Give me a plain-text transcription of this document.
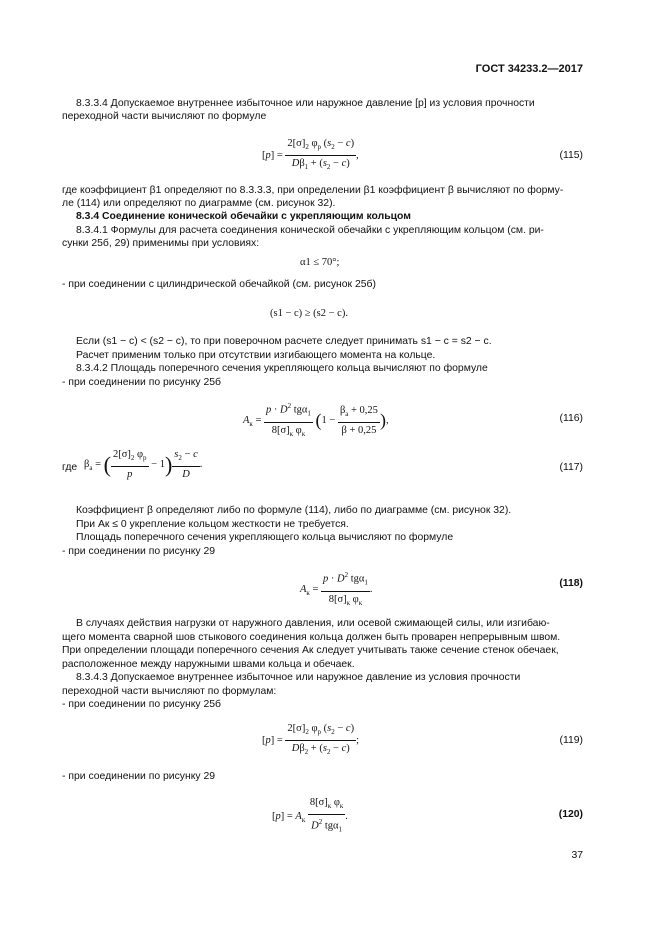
ГОСТ 34233.2—2017
8.3.3.4 Допускаемое внутреннее избыточное или наружное давление [p] из условия прочности
переходной части вычисляют по формуле
$[p] = \frac{2[\sigma]_2 \varphi_р (s_2 - c)}{D\beta_1 + (s_2 - c)}$ ,	(115)
где коэффициент β1 определяют по 8.3.3.3, при определении β1 коэффициент β вычисляют по форму-
ле (114) или определяют по диаграмме (см. рисунок 32).
8.3.4 Соединение конической обечайки с укрепляющим кольцом
8.3.4.1 Формулы для расчета соединения конической обечайки с укрепляющим кольцом (см. ри-
сунки 25б, 29) применимы при условиях:
α1 ≤ 70°;
- при соединении с цилиндрической обечайкой (см. рисунок 25б)
(s1 − c) ≥ (s2 − c).
Если (s1 − c) < (s2 − c), то при поверочном расчете следует принимать s1 − c = s2 − c.
Расчет применим только при отсутствии изгибающего момента на кольце.
8.3.4.2 Площадь поперечного сечения укрепляющего кольца вычисляют по формуле
- при соединении по рисунку 25б
$A_к = \frac{p \cdot D^2 tg\alpha_1}{8[\sigma]_к \varphi_к} (1 - \frac{\beta_a + 0,25}{\beta + 0,25}$ ),	(116)
где $\beta_a$ = ( $\frac{2[\sigma]_2 \varphi_р}{p} - 1) \frac{s_2 - c}{D}$ .	(117)
Коэффициент β определяют либо по формуле (114), либо по диаграмме (см. рисунок 32).
При Aк ≤ 0 укрепление кольцом жесткости не требуется.
Площадь поперечного сечения укрепляющего кольца вычисляют по формуле
- при соединении по рисунку 29
$A_к = \frac{p \cdot D^2 tg\alpha_1}{8[\sigma]_к \varphi_к}$ .
(118)
В случаях действия нагрузки от наружного давления, или осевой сжимающей силы, или изгибаю-
щего момента сварной шов стыкового соединения кольца должен быть проварен непрерывным швом.
При определении площади поперечного сечения Aк следует учитывать также сечение стенок обечаек,
расположенное между наружными швами кольца и обечаек.
8.3.4.3 Допускаемое внутреннее избыточное или наружное давление из условия прочности
переходной части вычисляют по формулам:
- при соединении по рисунку 25б
$[p] = \frac{2[\sigma]_2 \varphi_р (s_2 - c)}{D\beta_2 + (s_2 - c)}$ ;	(119)
- при соединении по рисунку 29
$[p] = A_к \frac{8[\sigma]_к \varphi_к}{D^2 tg\alpha_1}$ .	(120)
37
